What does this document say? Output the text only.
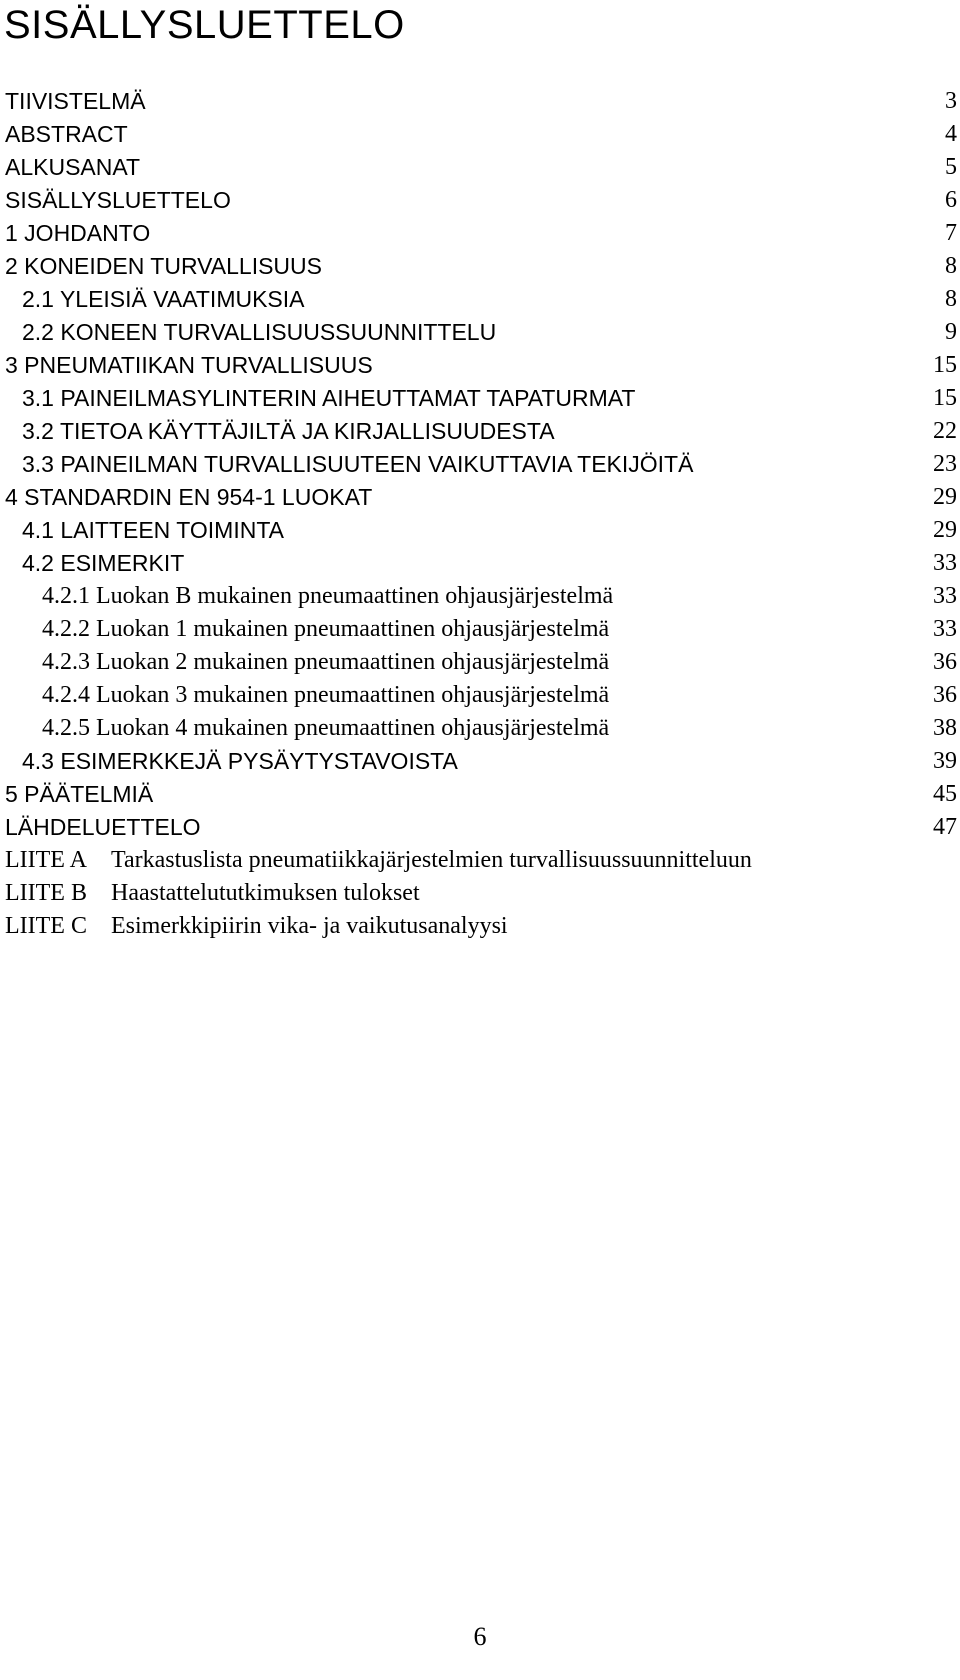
SISÄLLYSLUETTELO
TIIVISTELMÄ	3
ABSTRACT	4
ALKUSANAT	5
SISÄLLYSLUETTELO	6
1 JOHDANTO	7
2 KONEIDEN TURVALLISUUS	8
2.1 YLEISIÄ VAATIMUKSIA	8
2.2 KONEEN TURVALLISUUSSUUNNITTELU	9
3 PNEUMATIIKAN TURVALLISUUS	15
3.1 PAINEILMASYLINTERIN AIHEUTTAMAT TAPATURMAT	15
3.2 TIETOA KÄYTTÄJILTÄ JA KIRJALLISUUDESTA	22
3.3 PAINEILMAN TURVALLISUUTEEN VAIKUTTAVIA TEKIJÖITÄ	23
4 STANDARDIN EN 954-1 LUOKAT	29
4.1 LAITTEEN TOIMINTA	29
4.2 ESIMERKIT	33
4.2.1 Luokan B mukainen pneumaattinen ohjausjärjestelmä	33
4.2.2 Luokan 1 mukainen pneumaattinen ohjausjärjestelmä	33
4.2.3 Luokan 2 mukainen pneumaattinen ohjausjärjestelmä	36
4.2.4 Luokan 3 mukainen pneumaattinen ohjausjärjestelmä	36
4.2.5 Luokan 4 mukainen pneumaattinen ohjausjärjestelmä	38
4.3 ESIMERKKEJÄ PYSÄYTYSTAVOISTA	39
5 PÄÄTELMIÄ	45
LÄHDELUETTELO	47
LIITE A Tarkastuslista pneumatiikkajärjestelmien turvallisuussuunnitteluun
LIITE B Haastattelututkimuksen tulokset
LIITE C Esimerkkipiirin vika- ja vaikutusanalyysi
6
